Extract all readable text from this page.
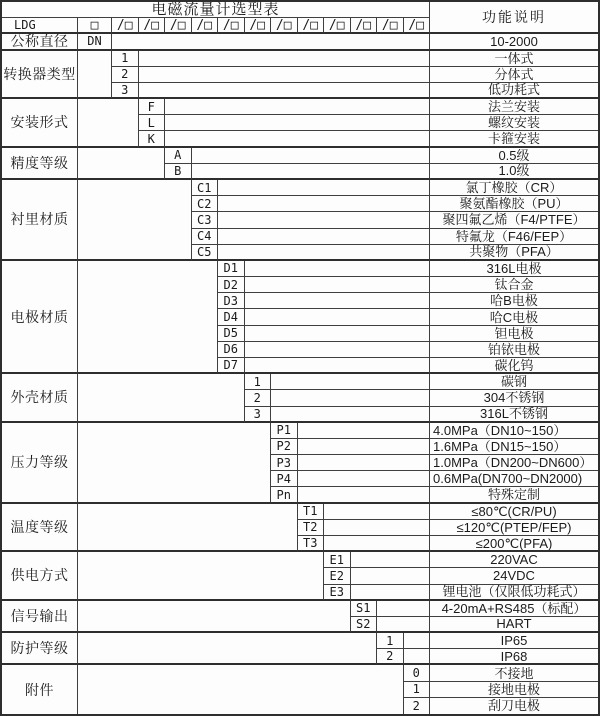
电磁流量计选型表	功能说明
LDG	□	/□ /□ /□ /□ /□ /□ /□ /□ /□ /□ /□ /□
公称直径	DN	10-2000
转换器类型
1	一体式
2	分体式
3	低功耗式
安装形式
F	法兰安装
L	螺纹安装
K	卡箍安装
精度等级	A	0.5级
B	1.0级
衬里材质
C1	氯丁橡胶（CR）
C2	聚氨酯橡胶（PU）
C3	聚四氟乙烯（F4/PTFE）
C4	特氟龙（F46/FEP）
C5	共聚物（PFA）
电极材质
D1	316L电极
D2	钛合金
D3	哈B电极
D4	哈C电极
D5	钽电极
D6	铂铱电极
D7	碳化钨
外壳材质
1	碳钢
2	304不锈钢
3	316L不锈钢
压力等级
P1	4.0MPa（DN10~150）
P2	1.6MPa（DN15~150）
P3	1.0MPa（DN200~DN600）
P4	0.6MPa(DN700~DN2000)
Pn	特殊定制
温度等级
T1	≤80℃(CR/PU)
T2	≤120℃(PTEP/FEP)
T3	≤200℃(PFA)
供电方式
E1	220VAC
E2	24VDC
E3	锂电池（仅限低功耗式）
信号输出	S1	4-20mA+RS485（标配）
S2	HART
防护等级	1	IP65
2	IP68
附件
0	不接地
1	接地电极
2	刮刀电极
